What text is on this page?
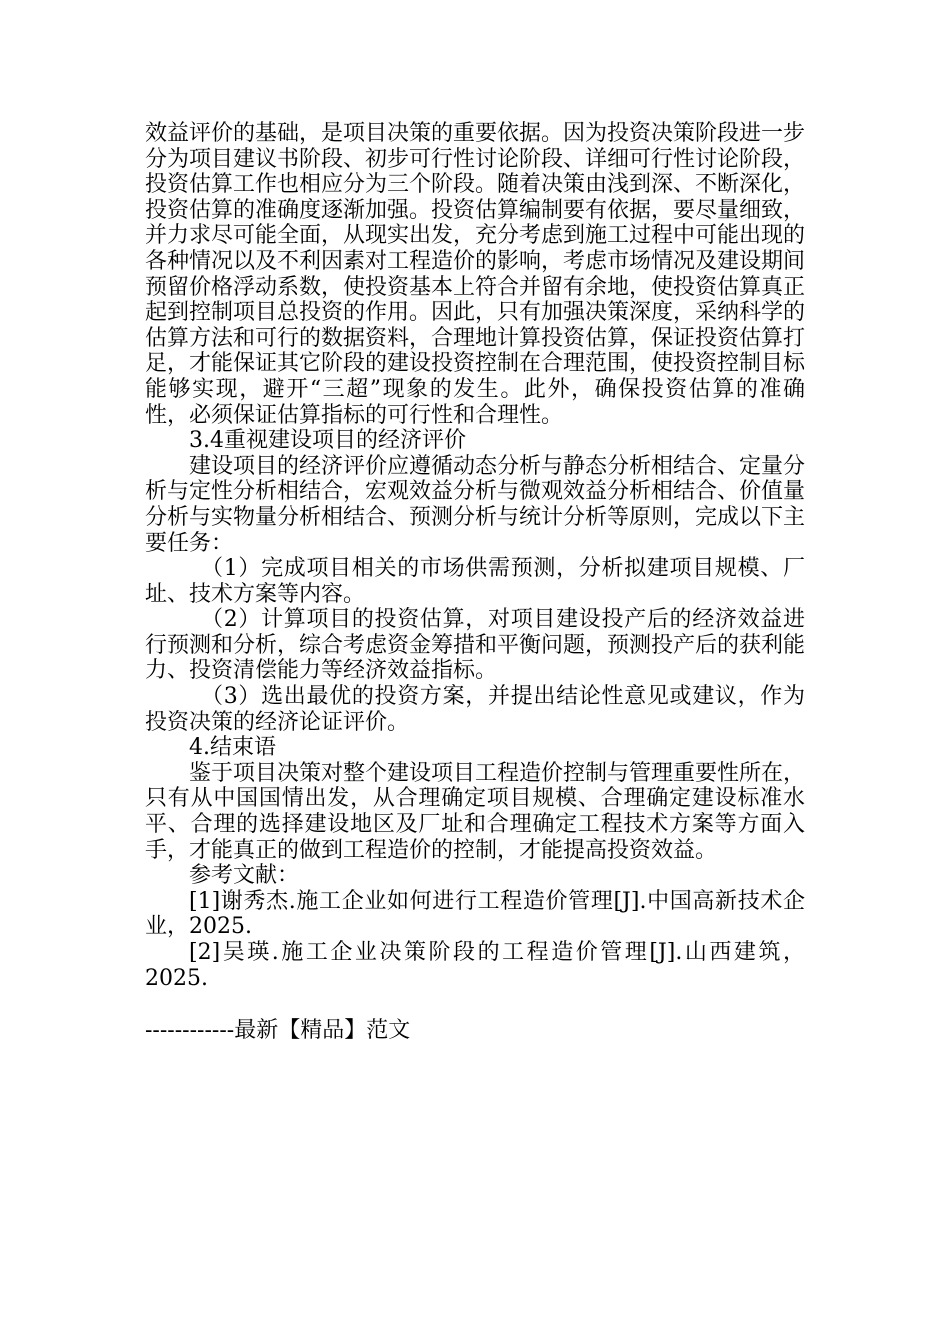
效益评价的基础，是项目决策的重要依据。因为投资决策阶段进一步分为项目建议书阶段、初步可行性讨论阶段、详细可行性讨论阶段，投资估算工作也相应分为三个阶段。随着决策由浅到深、不断深化，投资估算的准确度逐渐加强。投资估算编制要有依据，要尽量细致，并力求尽可能全面，从现实出发，充分考虑到施工过程中可能出现的各种情况以及不利因素对工程造价的影响，考虑市场情况及建设期间预留价格浮动系数，使投资基本上符合并留有余地，使投资估算真正起到控制项目总投资的作用。因此，只有加强决策深度，采纳科学的估算方法和可行的数据资料，合理地计算投资估算，保证投资估算打足，才能保证其它阶段的建设投资控制在合理范围，使投资控制目标能够实现，避开“三超”现象的发生。此外，确保投资估算的准确性，必须保证估算指标的可行性和合理性。

3.4重视建设项目的经济评价

建设项目的经济评价应遵循动态分析与静态分析相结合、定量分析与定性分析相结合，宏观效益分析与微观效益分析相结合、价值量分析与实物量分析相结合、预测分析与统计分析等原则，完成以下主要任务：

（1）完成项目相关的市场供需预测，分析拟建项目规模、厂址、技术方案等内容。

（2）计算项目的投资估算，对项目建设投产后的经济效益进行预测和分析，综合考虑资金筹措和平衡问题，预测投产后的获利能力、投资清偿能力等经济效益指标。

（3）选出最优的投资方案，并提出结论性意见或建议，作为投资决策的经济论证评价。

4.结束语

鉴于项目决策对整个建设项目工程造价控制与管理重要性所在，只有从中国国情出发，从合理确定项目规模、合理确定建设标准水平、合理的选择建设地区及厂址和合理确定工程技术方案等方面入手，才能真正的做到工程造价的控制，才能提高投资效益。

参考文献：

[1]谢秀杰.施工企业如何进行工程造价管理[J].中国高新技术企业，2025.

[2]吴瑛.施工企业决策阶段的工程造价管理[J].山西建筑，2025.

------------最新【精品】范文
